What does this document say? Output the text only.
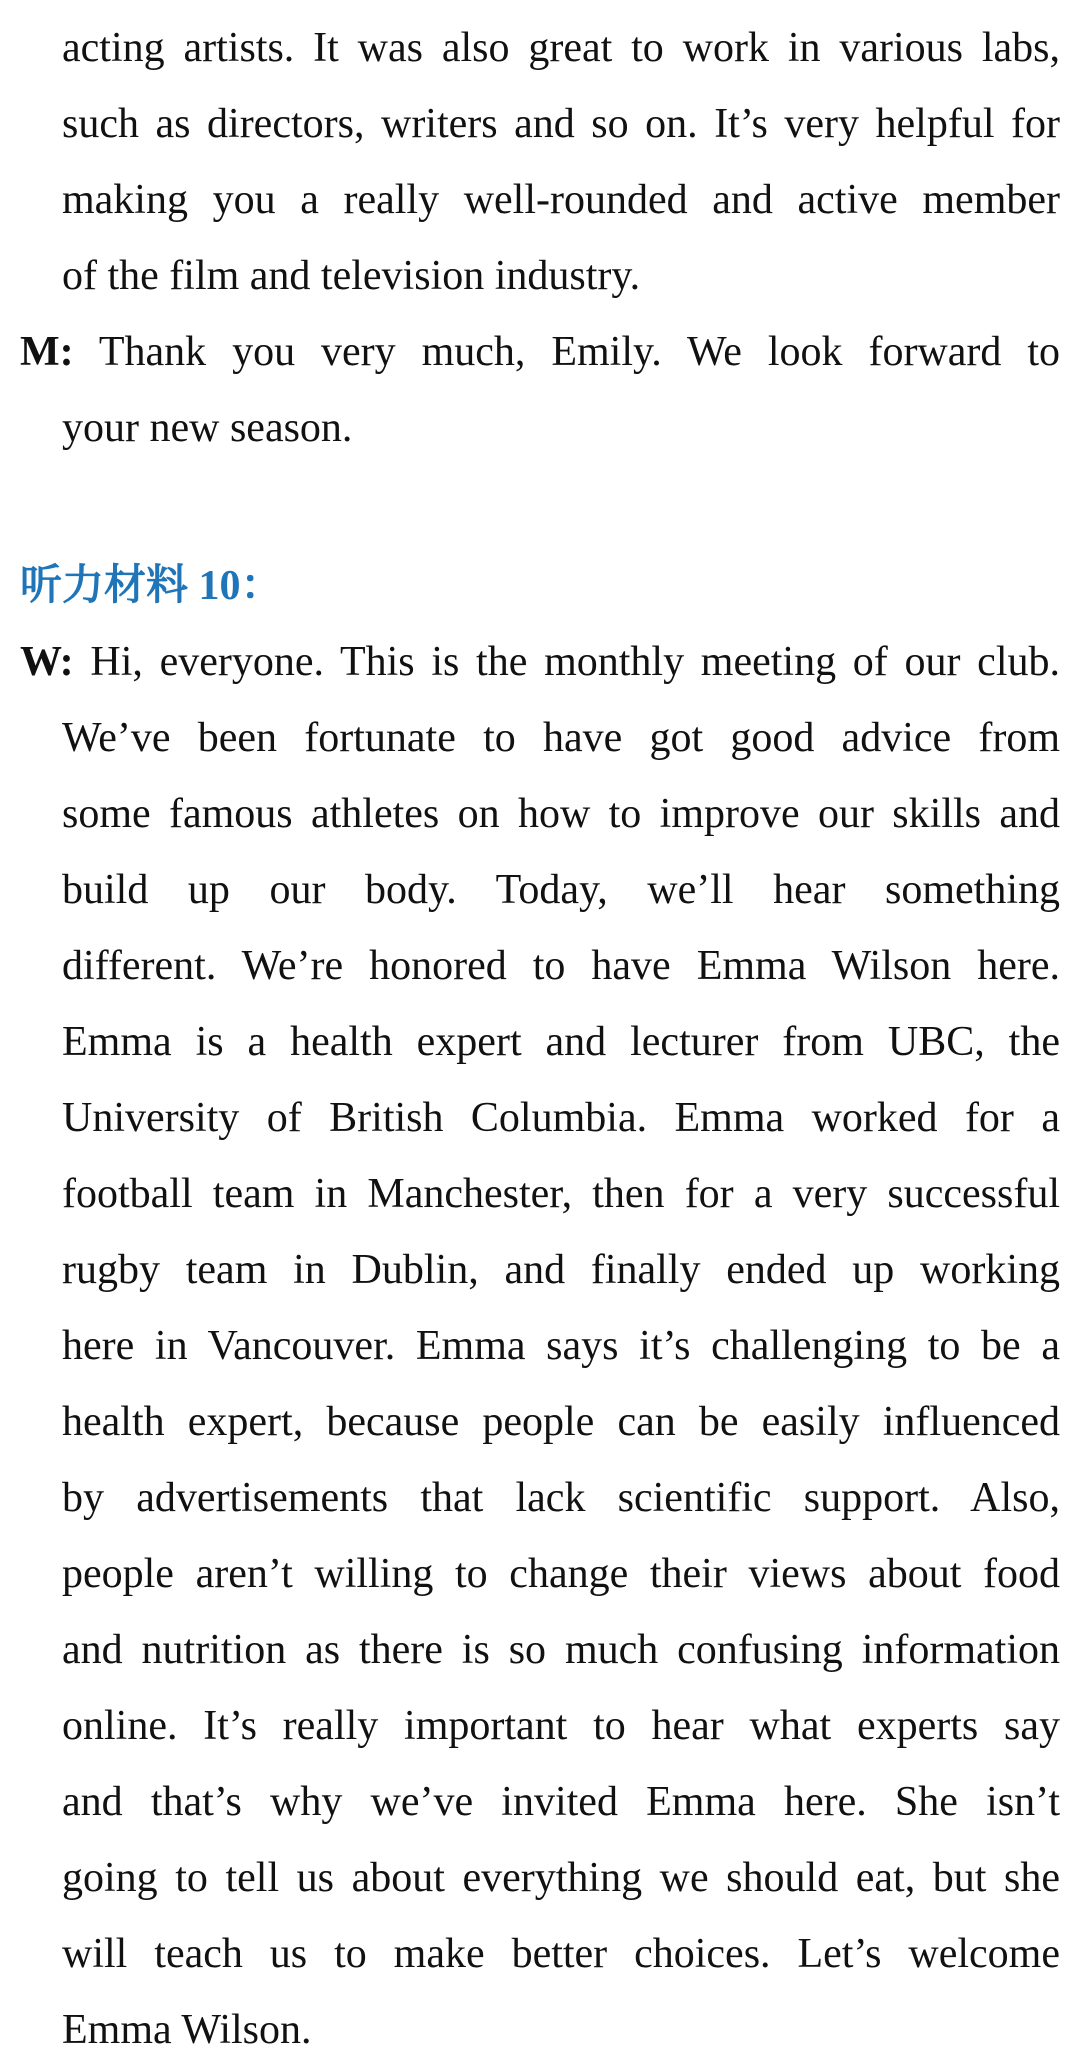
acting artists. It was also great to work in various labs,
such as directors, writers and so on. It’s very helpful for
making you a really well-rounded and active member
of the film and television industry.
M: Thank you very much, Emily. We look forward to
your new season.
听力材料 10：
W: Hi, everyone. This is the monthly meeting of our club.
We’ve been fortunate to have got good advice from
some famous athletes on how to improve our skills and
build up our body. Today, we’ll hear something
different. We’re honored to have Emma Wilson here.
Emma is a health expert and lecturer from UBC, the
University of British Columbia. Emma worked for a
football team in Manchester, then for a very successful
rugby team in Dublin, and finally ended up working
here in Vancouver. Emma says it’s challenging to be a
health expert, because people can be easily influenced
by advertisements that lack scientific support. Also,
people aren’t willing to change their views about food
and nutrition as there is so much confusing information
online. It’s really important to hear what experts say
and that’s why we’ve invited Emma here. She isn’t
going to tell us about everything we should eat, but she
will teach us to make better choices. Let’s welcome
Emma Wilson.
